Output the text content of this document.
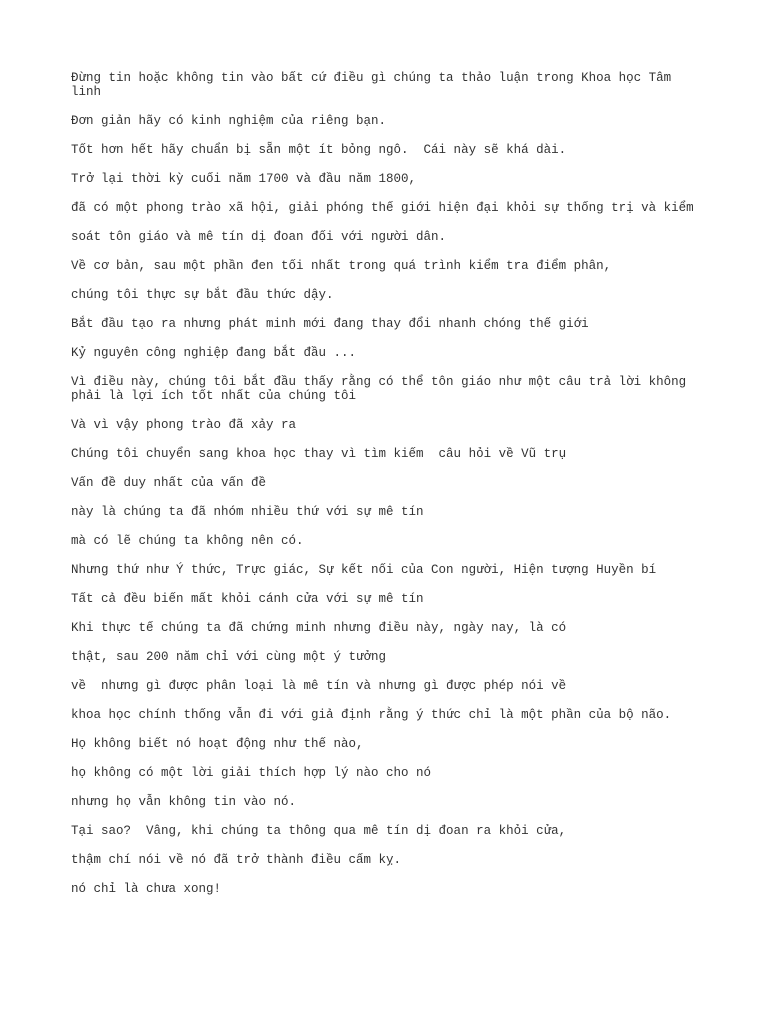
Đừng tin hoặc không tin vào bất cứ điều gì chúng ta thảo luận trong Khoa học Tâm linh

Đơn giản hãy có kinh nghiệm của riêng bạn.

Tốt hơn hết hãy chuẩn bị sẵn một ít bỏng ngô.  Cái này sẽ khá dài.

Trở lại thời kỳ cuối năm 1700 và đầu năm 1800,

đã có một phong trào xã hội, giải phóng thế giới hiện đại khỏi sự thống trị và kiểm

soát tôn giáo và mê tín dị đoan đối với người dân.

Về cơ bản, sau một phần đen tối nhất trong quá trình kiểm tra điểm phân,

chúng tôi thực sự bắt đầu thức dậy.

Bắt đầu tạo ra nhưng phát minh mới đang thay đổi nhanh chóng thế giới

Kỷ nguyên công nghiệp đang bắt đầu ...

Vì điều này, chúng tôi bắt đầu thấy rằng có thể tôn giáo như một câu trả lời không phải là lợi ích tốt nhất của chúng tôi

Và vì vậy phong trào đã xảy ra

Chúng tôi chuyển sang khoa học thay vì tìm kiếm  câu hỏi về Vũ trụ

Vấn đề duy nhất của vấn đề

này là chúng ta đã nhóm nhiều thứ với sự mê tín

mà có lẽ chúng ta không nên có.

Nhưng thứ như Ý thức, Trực giác, Sự kết nối của Con người, Hiện tượng Huyền bí

Tất cả đều biến mất khỏi cánh cửa với sự mê tín

Khi thực tế chúng ta đã chứng minh nhưng điều này, ngày nay, là có

thật, sau 200 năm chỉ với cùng một ý tưởng

về  nhưng gì được phân loại là mê tín và nhưng gì được phép nói về

khoa học chính thống vẫn đi với giả định rằng ý thức chỉ là một phần của bộ não.

Họ không biết nó hoạt động như thế nào,

họ không có một lời giải thích hợp lý nào cho nó

nhưng họ vẫn không tin vào nó.

Tại sao?  Vâng, khi chúng ta thông qua mê tín dị đoan ra khỏi cửa,

thậm chí nói về nó đã trở thành điều cấm kỵ.

nó chỉ là chưa xong!
